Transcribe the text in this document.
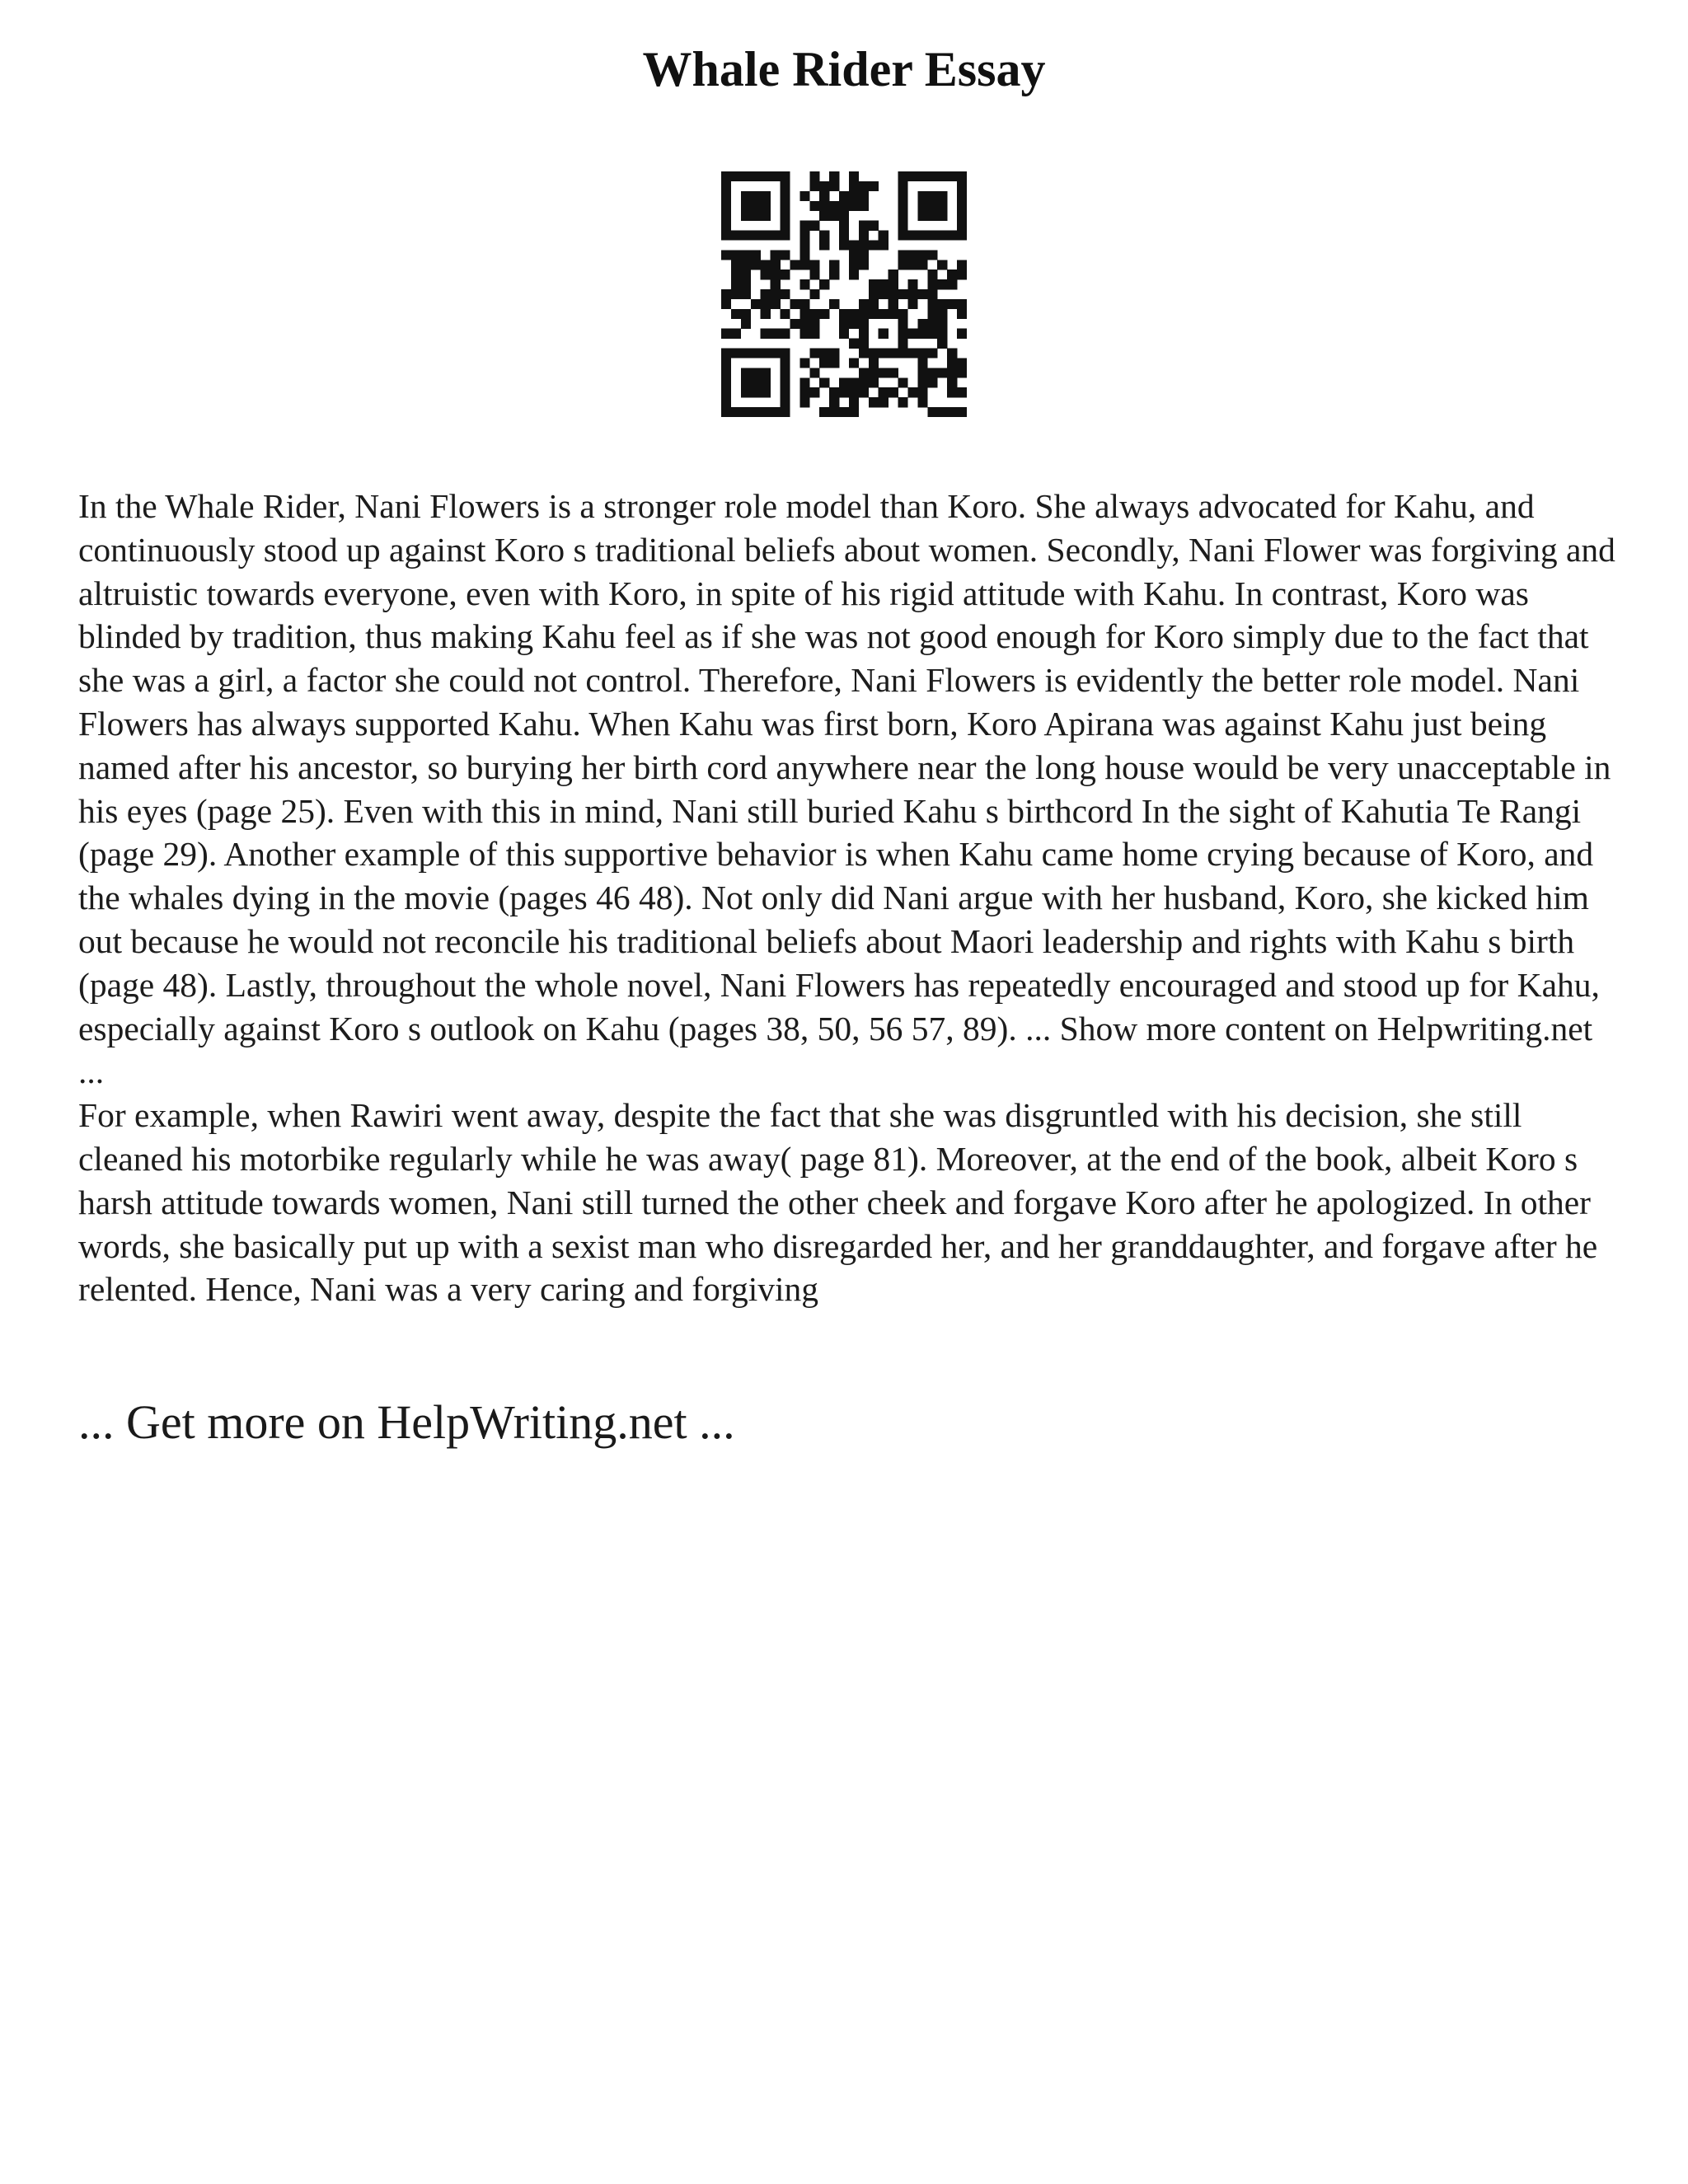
Whale Rider Essay

In the Whale Rider, Nani Flowers is a stronger role model than Koro. She always advocated for Kahu, and continuously stood up against Koro s traditional beliefs about women. Secondly, Nani Flower was forgiving and altruistic towards everyone, even with Koro, in spite of his rigid attitude with Kahu. In contrast, Koro was blinded by tradition, thus making Kahu feel as if she was not good enough for Koro simply due to the fact that she was a girl, a factor she could not control. Therefore, Nani Flowers is evidently the better role model. Nani Flowers has always supported Kahu. When Kahu was first born, Koro Apirana was against Kahu just being named after his ancestor, so burying her birth cord anywhere near the long house would be very unacceptable in his eyes (page 25). Even with this in mind, Nani still buried Kahu s birthcord In the sight of Kahutia Te Rangi (page 29). Another example of this supportive behavior is when Kahu came home crying because of Koro, and the whales dying in the movie (pages 46 48). Not only did Nani argue with her husband, Koro, she kicked him out because he would not reconcile his traditional beliefs about Maori leadership and rights with Kahu s birth (page 48). Lastly, throughout the whole novel, Nani Flowers has repeatedly encouraged and stood up for Kahu, especially against Koro s outlook on Kahu (pages 38, 50, 56 57, 89). ... Show more content on Helpwriting.net ...

For example, when Rawiri went away, despite the fact that she was disgruntled with his decision, she still cleaned his motorbike regularly while he was away( page 81). Moreover, at the end of the book, albeit Koro s harsh attitude towards women, Nani still turned the other cheek and forgave Koro after he apologized. In other words, she basically put up with a sexist man who disregarded her, and her granddaughter, and forgave after he relented. Hence, Nani was a very caring and forgiving

... Get more on HelpWriting.net ...
